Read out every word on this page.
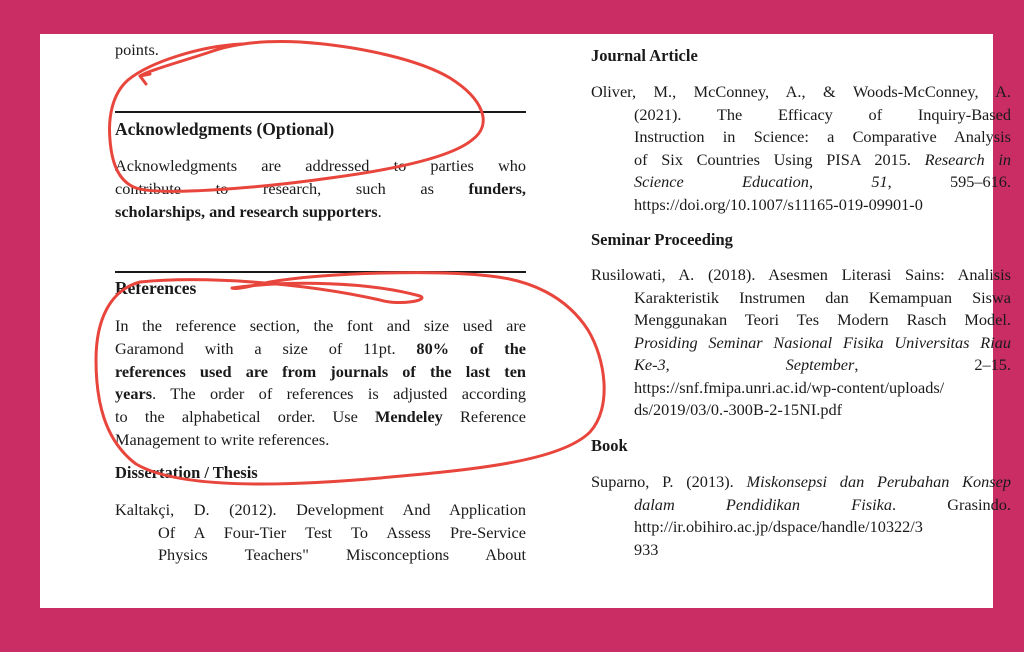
points.

Acknowledgments (Optional)

Acknowledgments are addressed to parties who

contribute to research, such as funders,

scholarships, and research supporters.

References

In the reference section, the font and size used are

Garamond with a size of 11pt. 80% of the

references used are from journals of the last ten

years. The order of references is adjusted according

to the alphabetical order. Use Mendeley Reference

Management to write references.

Dissertation / Thesis
Kaltakçi, D. (2012). Development And Application
Of A Four-Tier Test To Assess Pre-Service
Physics Teachers" Misconceptions About
Journal Article
Oliver, M., McConney, A., & Woods-McConney, A.
(2021). The Efficacy of Inquiry-Based
Instruction in Science: a Comparative Analysis
of Six Countries Using PISA 2015. Research in
Science Education, 51, 595–616.
https://doi.org/10.1007/s11165-019-09901-0
Seminar Proceeding
Rusilowati, A. (2018). Asesmen Literasi Sains: Analisis
Karakteristik Instrumen dan Kemampuan Siswa
Menggunakan Teori Tes Modern Rasch Model.
Prosiding Seminar Nasional Fisika Universitas Riau
Ke-3, September, 2–15.
https://snf.fmipa.unri.ac.id/wp-content/uploads/
ds/2019/03/0.-300B-2-15NI.pdf
Book
Suparno, P. (2013). Miskonsepsi dan Perubahan Konsep
dalam Pendidikan Fisika. Grasindo.
http://ir.obihiro.ac.jp/dspace/handle/10322/3
933
